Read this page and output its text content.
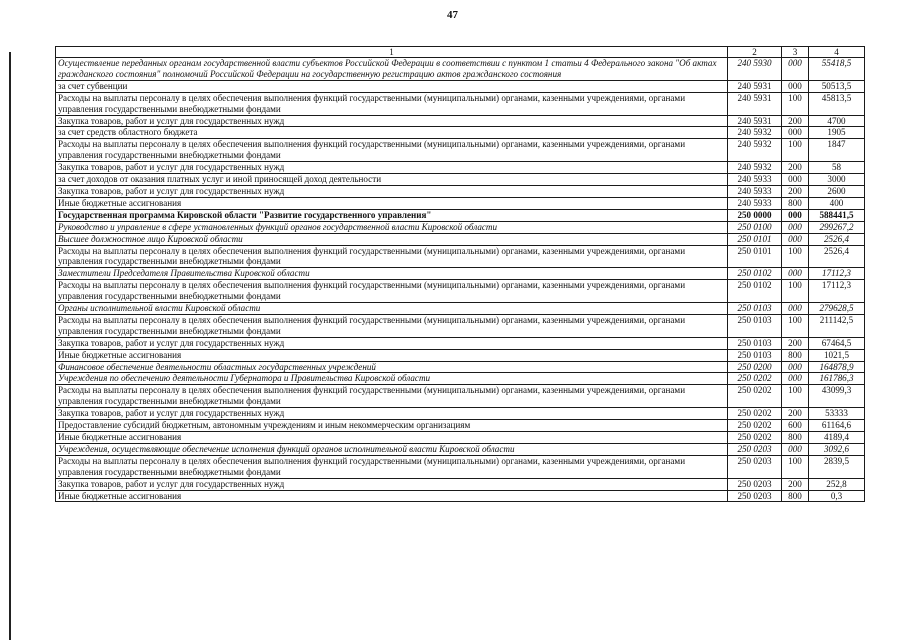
47
1	2	3	4
Осуществление переданных органам государственной власти субъектов Российской Федерации в соответствии с пунктом 1 статьи 4 Федерального закона "Об актах гражданского состояния" полномочий Российской Федерации на государственную регистрацию актов гражданского состояния	240 5930	000	55418,5
за счет субвенции	240 5931	000	50513,5
Расходы на выплаты персоналу в целях обеспечения выполнения функций государственными (муниципальными) органами, казенными учреждениями, органами управления государственными внебюджетными фондами	240 5931	100	45813,5
Закупка товаров, работ и услуг для государственных нужд	240 5931	200	4700
за счет средств областного бюджета	240 5932	000	1905
Расходы на выплаты персоналу в целях обеспечения выполнения функций государственными (муниципальными) органами, казенными учреждениями, органами управления государственными внебюджетными фондами	240 5932	100	1847
Закупка товаров, работ и услуг для государственных нужд	240 5932	200	58
за счет доходов от оказания платных услуг и иной приносящей доход деятельности	240 5933	000	3000
Закупка товаров, работ и услуг для государственных нужд	240 5933	200	2600
Иные бюджетные ассигнования	240 5933	800	400
Государственная программа Кировской области "Развитие государственного управления"	250 0000	000	588441,5
Руководство и управление в сфере установленных функций органов государственной власти Кировской области	250 0100	000	299267,2
Высшее должностное лицо Кировской области	250 0101	000	2526,4
Расходы на выплаты персоналу в целях обеспечения выполнения функций государственными (муниципальными) органами, казенными учреждениями, органами управления государственными внебюджетными фондами	250 0101	100	2526,4
Заместители Председателя Правительства Кировской области	250 0102	000	17112,3
Расходы на выплаты персоналу в целях обеспечения выполнения функций государственными (муниципальными) органами, казенными учреждениями, органами управления государственными внебюджетными фондами	250 0102	100	17112,3
Органы исполнительной власти Кировской области	250 0103	000	279628,5
Расходы на выплаты персоналу в целях обеспечения выполнения функций государственными (муниципальными) органами, казенными учреждениями, органами управления государственными внебюджетными фондами	250 0103	100	211142,5
Закупка товаров, работ и услуг для государственных нужд	250 0103	200	67464,5
Иные бюджетные ассигнования	250 0103	800	1021,5
Финансовое обеспечение деятельности областных государственных учреждений	250 0200	000	164878,9
Учреждения по обеспечению деятельности Губернатора и Правительства Кировской области	250 0202	000	161786,3
Расходы на выплаты персоналу в целях обеспечения выполнения функций государственными (муниципальными) органами, казенными учреждениями, органами управления государственными внебюджетными фондами	250 0202	100	43099,3
Закупка товаров, работ и услуг для государственных нужд	250 0202	200	53333
Предоставление субсидий бюджетным, автономным учреждениям и иным некоммерческим организациям	250 0202	600	61164,6
Иные бюджетные ассигнования	250 0202	800	4189,4
Учреждения, осуществляющие обеспечение исполнения функций органов исполнительной власти Кировской области	250 0203	000	3092,6
Расходы на выплаты персоналу в целях обеспечения выполнения функций государственными (муниципальными) органами, казенными учреждениями, органами управления государственными внебюджетными фондами	250 0203	100	2839,5
Закупка товаров, работ и услуг для государственных нужд	250 0203	200	252,8
Иные бюджетные ассигнования	250 0203	800	0,3
